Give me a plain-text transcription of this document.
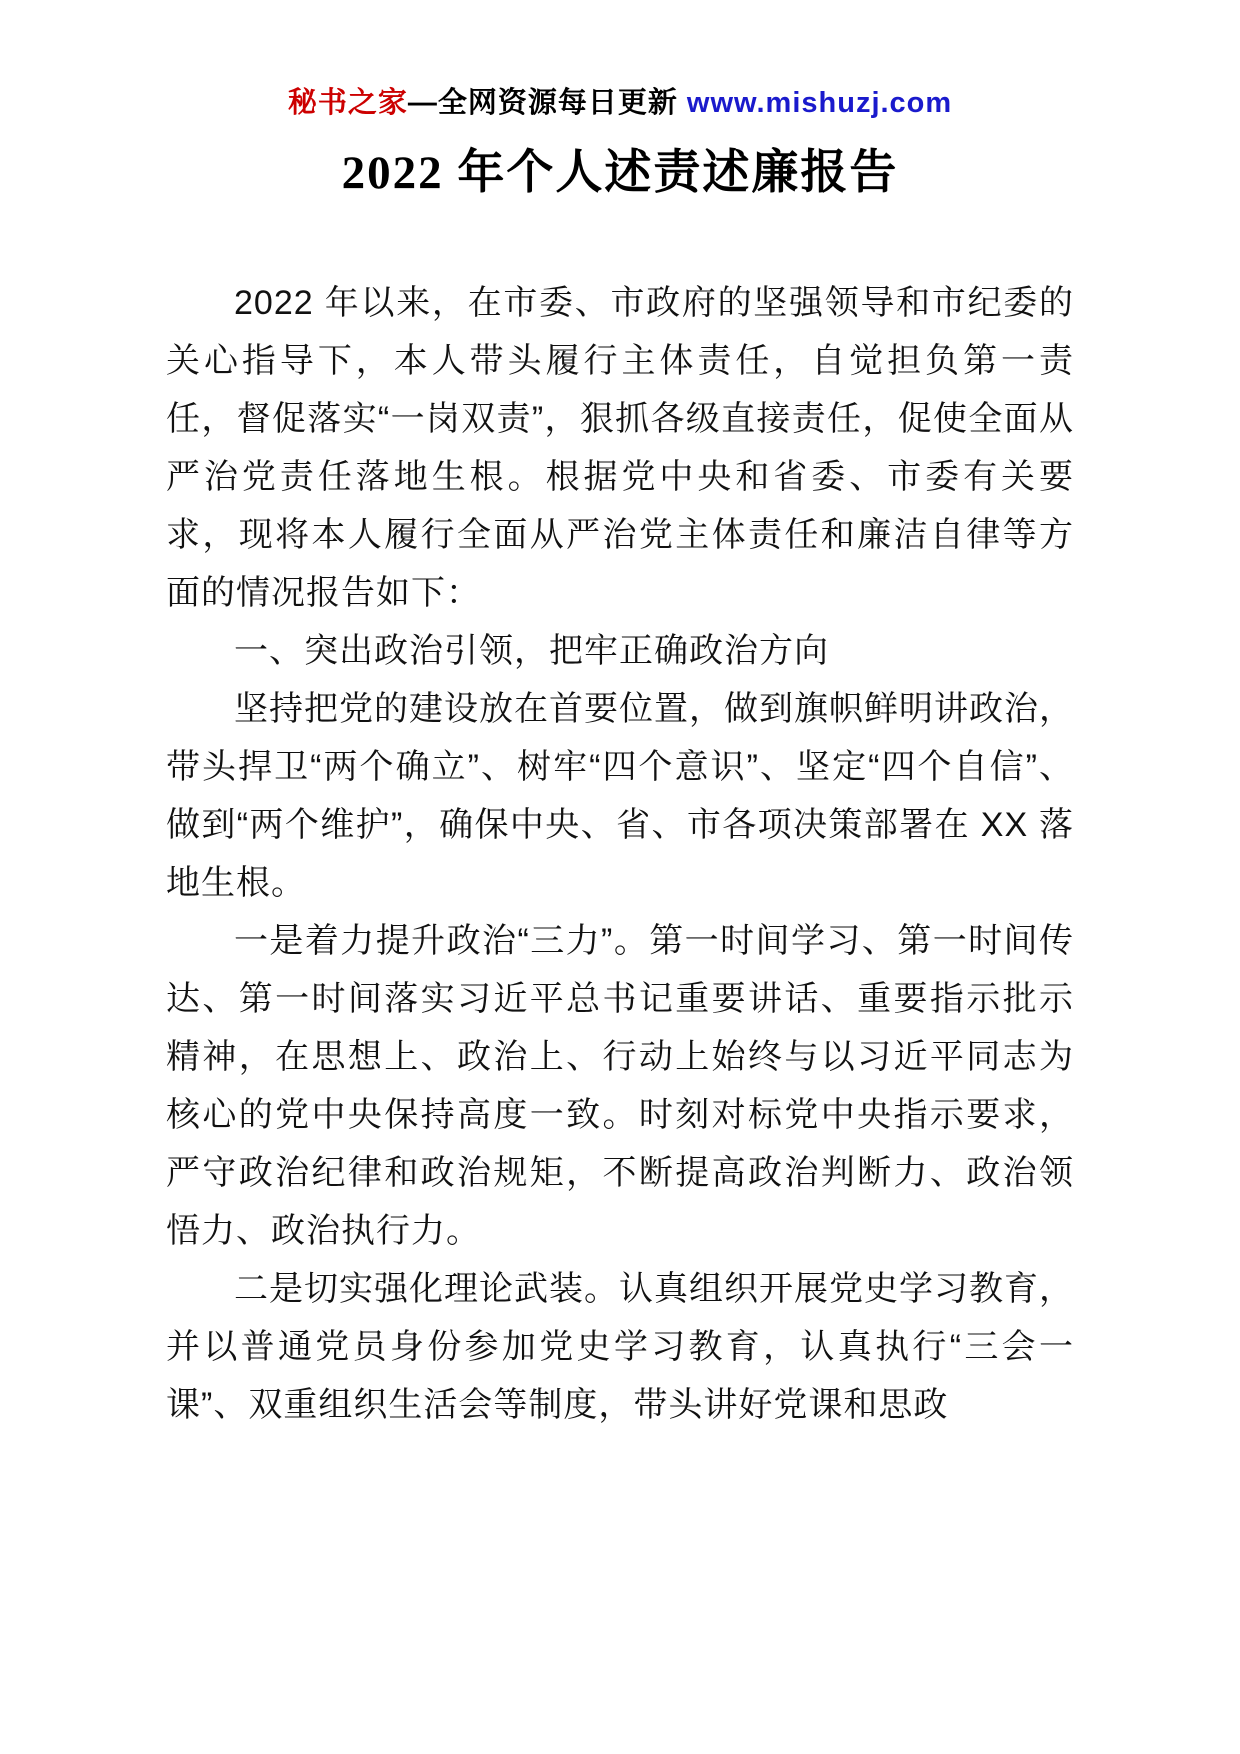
秘书之家—全网资源每日更新 www.mishuzj.com
2022 年个人述责述廉报告

2022 年以来，在市委、市政府的坚强领导和市纪委的关心指导下，本人带头履行主体责任，自觉担负第一责任，督促落实“一岗双责”，狠抓各级直接责任，促使全面从严治党责任落地生根。根据党中央和省委、市委有关要求，现将本人履行全面从严治党主体责任和廉洁自律等方面的情况报告如下：

一、突出政治引领，把牢正确政治方向

坚持把党的建设放在首要位置，做到旗帜鲜明讲政治，带头捍卫“两个确立”、树牢“四个意识”、坚定“四个自信”、做到“两个维护”，确保中央、省、市各项决策部署在 XX 落地生根。

一是着力提升政治“三力”。第一时间学习、第一时间传达、第一时间落实习近平总书记重要讲话、重要指示批示精神，在思想上、政治上、行动上始终与以习近平同志为核心的党中央保持高度一致。时刻对标党中央指示要求，严守政治纪律和政治规矩，不断提高政治判断力、政治领悟力、政治执行力。

二是切实强化理论武装。认真组织开展党史学习教育，并以普通党员身份参加党史学习教育，认真执行“三会一课”、双重组织生活会等制度，带头讲好党课和思政
